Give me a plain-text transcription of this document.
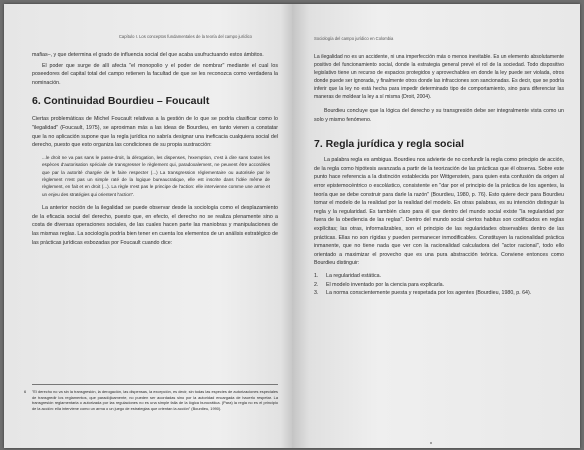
Capítulo I. Los conceptos fundamentales de la teoría del campo jurídico

mafias–, y que determina el grado de influencia social del que acaba usufructuando estos ámbitos.

El poder que surge de allí afecta "el monopolio y el poder de nombrar" mediante el cual los poseedores del capital total del campo retienen la facultad de que se les reconozca como verdadera la nominación.

6. Continuidad Bourdieu – Foucault

Ciertas problemáticas de Michel Foucault relativas a la gestión de lo que se podría clasificar como lo "ilegalidad" (Foucault, 1975), se aproximan más a las ideas de Bourdieu, en tanto vienen a constatar que la no aplicación supone que la regla jurídica no sabría designar una ineficacia cualquiera social del derecho, puesto que esto organiza las condiciones de su propia sustracción:

...le droit ne va pas sans le passe-droit, la dérogation, les dispenses, l'exemption, c'est à dire sans toutes les espèces d'autorisation spéciale de transgresser le règlement qui, paradoxalement, ne peuvent être accordées que par la autorité chargée de le faire respecter (...) La transgression réglementaire ou autorisée par le règlement n'est pas un simple raté de la logique bureaucratique, elle est inscrite dans l'idée même de règlement, en fait et en droit (...). La règle n'est pas le principe de l'action: elle intervienne comme une arme et un enjeu des stratégies qui orientent l'action".

La anterior noción de la ilegalidad se puede observar desde la sociología como el desplazamiento de la eficacia social del derecho, puesto que, en efecto, el derecho no se realiza plenamente sino a costa de diversas operaciones sociales, de las cuales hacen parte las maniobras y manipulaciones de las mismas reglas. La sociología podría bien tener en cuenta los elementos de un análisis estratégico de las prácticas jurídicas esbozadas por Foucault cuando dice:

6 "El derecho no va sin la transgresión, la derogación, las dispensas, la excepción, es decir, sin todas las especies de autorizaciones especiales de transgredir los reglamentos, que paradójicamente, no pueden ser acordadas sino por la autoridad encargada de hacerlo respetar. La transgresión reglamentaria o autorizada por las regulaciones no es una simple falla de la lógica burocrática. (Para) la regla no es el principio de la acción: ella interviene como un arma o un juego de estrategias que orientan la acción" (Bourdieu, 1990).
Sociología del campo jurídico en Colombia
La ilegalidad no es un accidente, ni una imperfección más o menos inevitable. Es un elemento absolutamente positivo del funcionamiento social, donde la estrategia general prevé el rol de la sociedad. Todo dispositivo legislativo tiene un recurso de espacios protegidos y aprovechables en donde la ley puede ser violada, otros donde puede ser ignorada, y finalmente otros donde las infracciones son sancionadas. Es decir, que se podría inferir que la ley no está hecha para impedir determinado tipo de comportamiento, sino para diferenciar las maneras de moldear la ley a sí misma (Droit, 2004).

Bourdieu concluye que la lógica del derecho y su transgresión debe ser integralmente vista como un solo y mismo fenómeno.

7. Regla jurídica y regla social

La palabra regla es ambigua. Bourdieu nos advierte de no confundir la regla como principio de acción, de la regla como hipótesis avanzada a partir de la teorización de las prácticas que él observa. Sobre este punto hace referencia a la distinción establecida por Wittgenstein, para quien esta confusión da origen al error epistemocéntrico o escolástico, consistente en "dar por el principio de la práctica de los agentes, la teoría que se debe construir para darle la razón" (Bourdieu, 1980, p. 76). Esto quiere decir para Bourdieu tomar el modelo de la realidad por la realidad del modelo. En otras palabras, es su intención distinguir la regla y la regularidad. Es también claro para él que dentro del mundo social existe "la regularidad por fuera de la obediencia de las reglas". Dentro del mundo social ciertos habitus son codificados en reglas explícitas; las otras, informalizables, son el principio de las regularidades observables dentro de las prácticas. Ellas no son rígidas y pueden permanecer inmodificables. Constituyen la racionalidad práctica inmanente, que no tiene nada que ver con la racionalidad calculadora del "actor racional", todo ello orientado a maximizar el provecho que es una pura abstracción teórica. Conviene entonces como Bourdieu distinguir:

1.	La regularidad estática.
2.	El modelo inventado por la ciencia para explicarla.
3.	La norma conscientemente puesta y respetada por los agentes (Bourdieu, 1980, p. 64).
